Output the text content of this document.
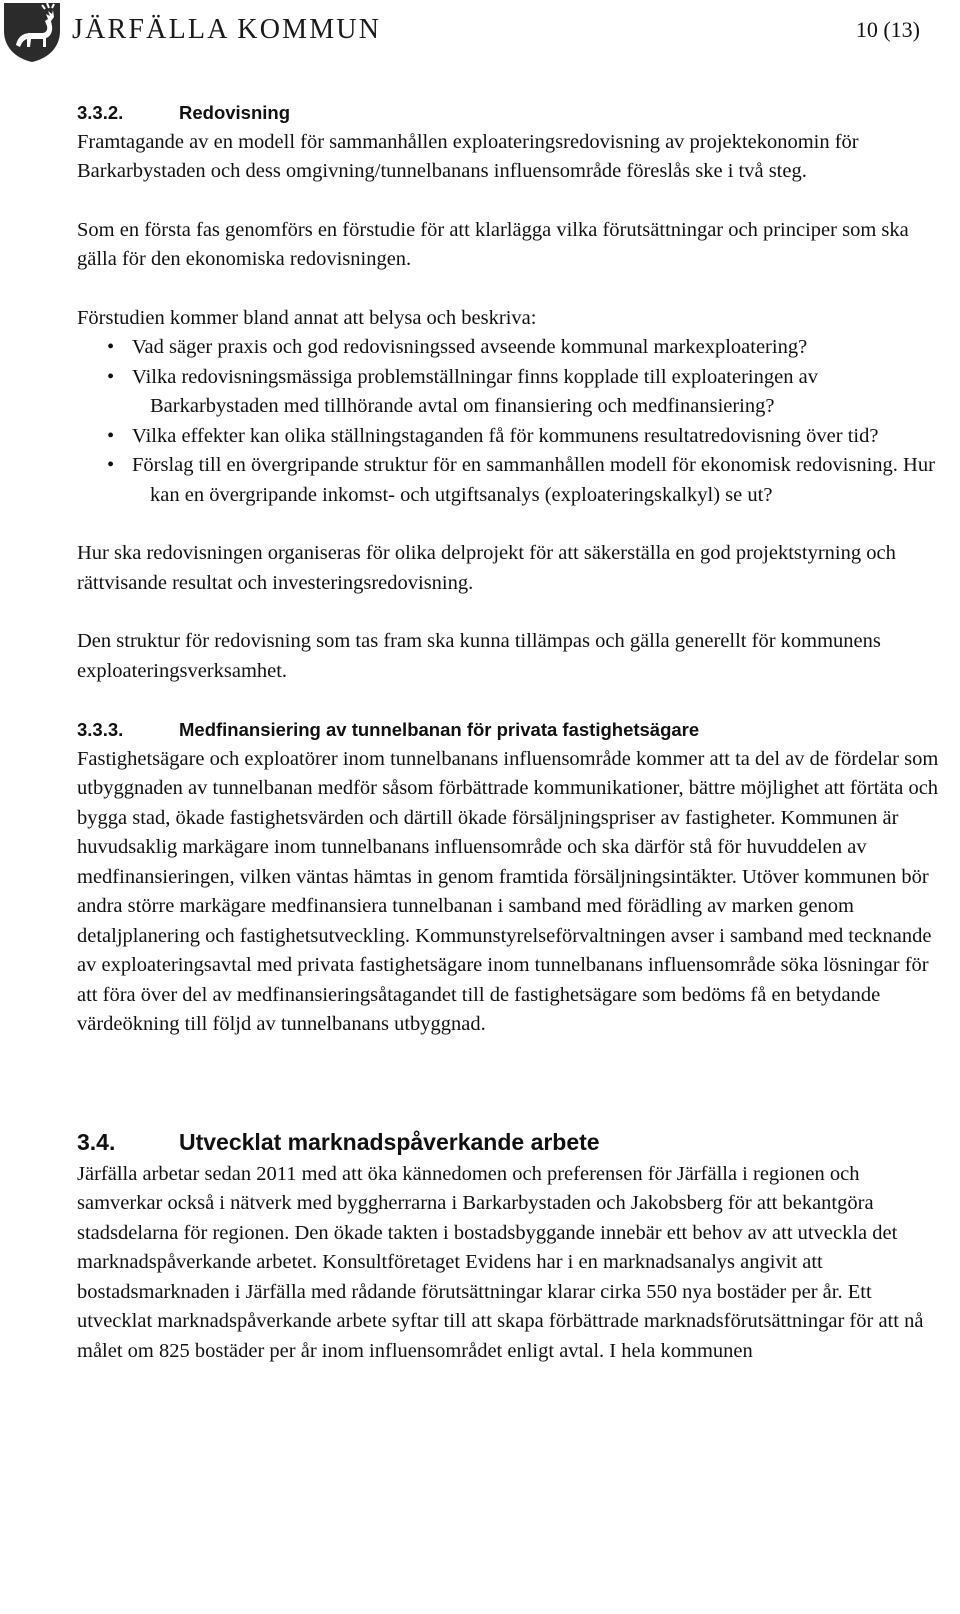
JÄRFÄLLA KOMMUN	10 (13)
3.3.2.	Redovisning

Framtagande av en modell för sammanhållen exploateringsredovisning av projektekonomin för Barkarbystaden och dess omgivning/tunnelbanans influensområde föreslås ske i två steg.

Som en första fas genomförs en förstudie för att klarlägga vilka förutsättningar och principer som ska gälla för den ekonomiska redovisningen.

Förstudien kommer bland annat att belysa och beskriva:

• Vad säger praxis och god redovisningssed avseende kommunal markexploatering?
• Vilka redovisningsmässiga problemställningar finns kopplade till exploateringen av Barkarbystaden med tillhörande avtal om finansiering och medfinansiering?
• Vilka effekter kan olika ställningstaganden få för kommunens resultatredovisning över tid?
• Förslag till en övergripande struktur för en sammanhållen modell för ekonomisk redovisning. Hur kan en övergripande inkomst- och utgiftsanalys (exploateringskalkyl) se ut?

Hur ska redovisningen organiseras för olika delprojekt för att säkerställa en god projektstyrning och rättvisande resultat och investeringsredovisning.

Den struktur för redovisning som tas fram ska kunna tillämpas och gälla generellt för kommunens exploateringsverksamhet.

3.3.3.	Medfinansiering av tunnelbanan för privata fastighetsägare

Fastighetsägare och exploatörer inom tunnelbanans influensområde kommer att ta del av de fördelar som utbyggnaden av tunnelbanan medför såsom förbättrade kommunikationer, bättre möjlighet att förtäta och bygga stad, ökade fastighetsvärden och därtill ökade försäljningspriser av fastigheter. Kommunen är huvudsaklig markägare inom tunnelbanans influensområde och ska därför stå för huvuddelen av medfinansieringen, vilken väntas hämtas in genom framtida försäljningsintäkter. Utöver kommunen bör andra större markägare medfinansiera tunnelbanan i samband med förädling av marken genom detaljplanering och fastighetsutveckling. Kommunstyrelseförvaltningen avser i samband med tecknande av exploateringsavtal med privata fastighetsägare inom tunnelbanans influensområde söka lösningar för att föra över del av medfinansieringsåtagandet till de fastighetsägare som bedöms få en betydande värdeökning till följd av tunnelbanans utbyggnad.

3.4.	Utvecklat marknadspåverkande arbete

Järfälla arbetar sedan 2011 med att öka kännedomen och preferensen för Järfälla i regionen och samverkar också i nätverk med byggherrarna i Barkarbystaden och Jakobsberg för att bekantgöra stadsdelarna för regionen. Den ökade takten i bostadsbyggande innebär ett behov av att utveckla det marknadspåverkande arbetet. Konsultföretaget Evidens har i en marknadsanalys angivit att bostadsmarknaden i Järfälla med rådande förutsättningar klarar cirka 550 nya bostäder per år. Ett utvecklat marknadspåverkande arbete syftar till att skapa förbättrade marknadsförutsättningar för att nå målet om 825 bostäder per år inom influensområdet enligt avtal. I hela kommunen
